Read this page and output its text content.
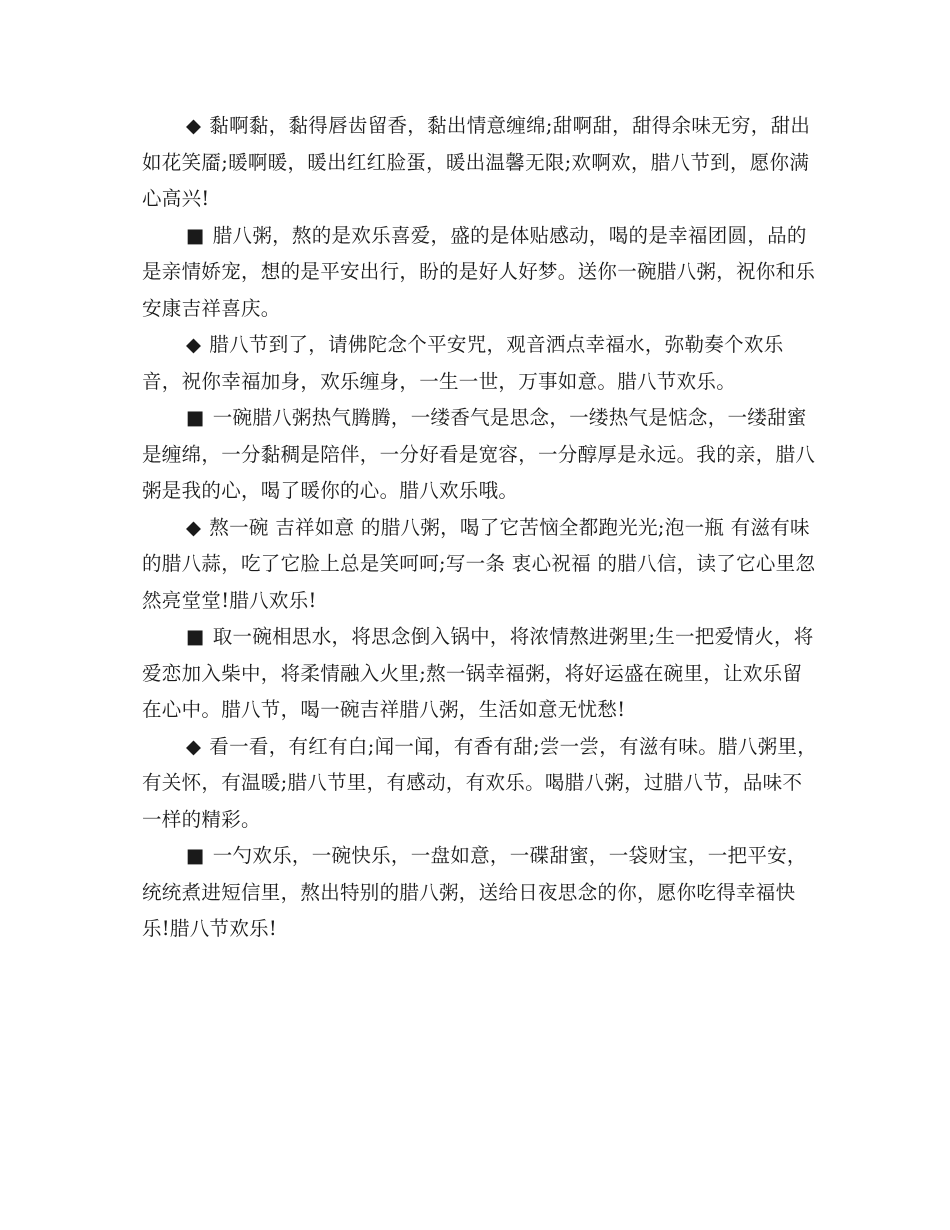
◆ 黏啊黏，黏得唇齿留香，黏出情意缠绵;甜啊甜，甜得余味无穷，甜出如花笑靥;暖啊暖，暖出红红脸蛋，暖出温馨无限;欢啊欢，腊八节到，愿你满心高兴!

■ 腊八粥，熬的是欢乐喜爱，盛的是体贴感动，喝的是幸福团圆，品的是亲情娇宠，想的是平安出行，盼的是好人好梦。送你一碗腊八粥，祝你和乐安康吉祥喜庆。

◆ 腊八节到了，请佛陀念个平安咒，观音洒点幸福水，弥勒奏个欢乐音，祝你幸福加身，欢乐缠身，一生一世，万事如意。腊八节欢乐。

■ 一碗腊八粥热气腾腾，一缕香气是思念，一缕热气是惦念，一缕甜蜜是缠绵，一分黏稠是陪伴，一分好看是宽容，一分醇厚是永远。我的亲，腊八粥是我的心，喝了暖你的心。腊八欢乐哦。

◆ 熬一碗 吉祥如意 的腊八粥，喝了它苦恼全都跑光光;泡一瓶 有滋有味 的腊八蒜，吃了它脸上总是笑呵呵;写一条 衷心祝福 的腊八信，读了它心里忽然亮堂堂!腊八欢乐!

■ 取一碗相思水，将思念倒入锅中，将浓情熬进粥里;生一把爱情火，将爱恋加入柴中，将柔情融入火里;熬一锅幸福粥，将好运盛在碗里，让欢乐留在心中。腊八节，喝一碗吉祥腊八粥，生活如意无忧愁!

◆ 看一看，有红有白;闻一闻，有香有甜;尝一尝，有滋有味。腊八粥里，有关怀，有温暖;腊八节里，有感动，有欢乐。喝腊八粥，过腊八节，品味不一样的精彩。

■ 一勺欢乐，一碗快乐，一盘如意，一碟甜蜜，一袋财宝，一把平安，统统煮进短信里，熬出特别的腊八粥，送给日夜思念的你，愿你吃得幸福快乐!腊八节欢乐!
